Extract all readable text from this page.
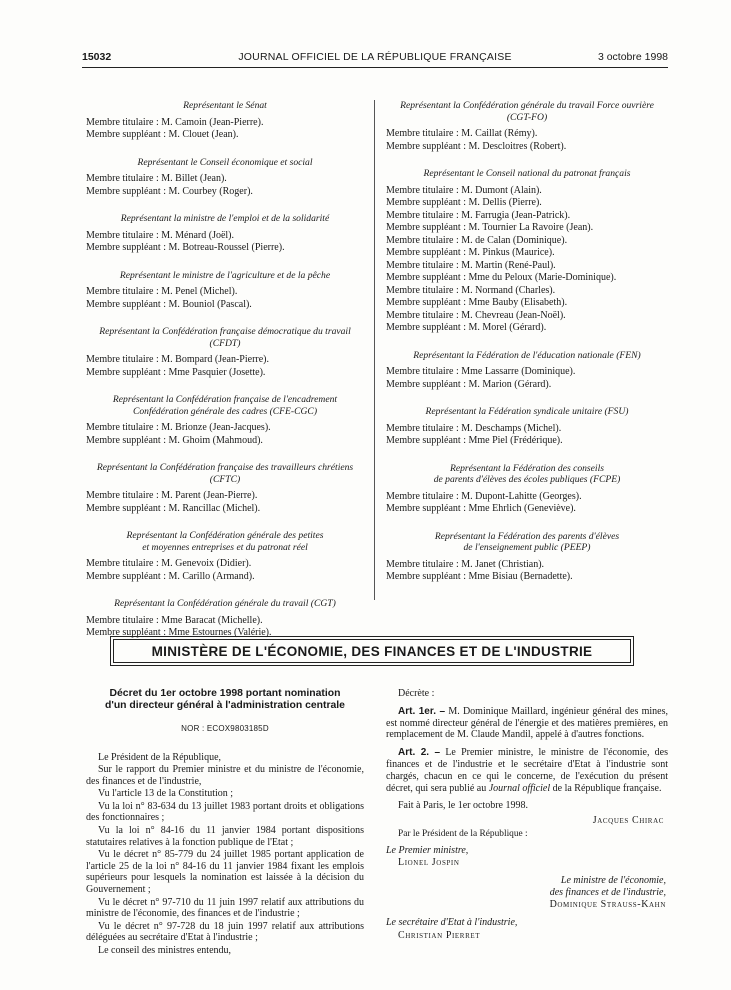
15032	JOURNAL OFFICIEL DE LA RÉPUBLIQUE FRANÇAISE	3 octobre 1998
Représentant le Sénat
Membre titulaire : M. Camoin (Jean-Pierre).
Membre suppléant : M. Clouet (Jean).
Représentant le Conseil économique et social
Membre titulaire : M. Billet (Jean).
Membre suppléant : M. Courbey (Roger).
Représentant la ministre de l'emploi et de la solidarité
Membre titulaire : M. Ménard (Joël).
Membre suppléant : M. Botreau-Roussel (Pierre).
Représentant le ministre de l'agriculture et de la pêche
Membre titulaire : M. Penel (Michel).
Membre suppléant : M. Bouniol (Pascal).
Représentant la Confédération française démocratique du travail
(CFDT)
Membre titulaire : M. Bompard (Jean-Pierre).
Membre suppléant : Mme Pasquier (Josette).
Représentant la Confédération française de l'encadrement
Confédération générale des cadres (CFE-CGC)
Membre titulaire : M. Brionze (Jean-Jacques).
Membre suppléant : M. Ghoim (Mahmoud).
Représentant la Confédération française des travailleurs chrétiens
(CFTC)
Membre titulaire : M. Parent (Jean-Pierre).
Membre suppléant : M. Rancillac (Michel).
Représentant la Confédération générale des petites
et moyennes entreprises et du patronat réel
Membre titulaire : M. Genevoix (Didier).
Membre suppléant : M. Carillo (Armand).
Représentant la Confédération générale du travail (CGT)
Membre titulaire : Mme Baracat (Michelle).
Membre suppléant : Mme Estournes (Valérie).
Représentant la Confédération générale du travail Force ouvrière
(CGT-FO)
Membre titulaire : M. Caillat (Rémy).
Membre suppléant : M. Descloitres (Robert).
Représentant le Conseil national du patronat français
Membre titulaire : M. Dumont (Alain).
Membre suppléant : M. Dellis (Pierre).
Membre titulaire : M. Farrugia (Jean-Patrick).
Membre suppléant : M. Tournier La Ravoire (Jean).
Membre titulaire : M. de Calan (Dominique).
Membre suppléant : M. Pinkus (Maurice).
Membre titulaire : M. Martin (René-Paul).
Membre suppléant : Mme du Peloux (Marie-Dominique).
Membre titulaire : M. Normand (Charles).
Membre suppléant : Mme Bauby (Elisabeth).
Membre titulaire : M. Chevreau (Jean-Noël).
Membre suppléant : M. Morel (Gérard).
Représentant la Fédération de l'éducation nationale (FEN)
Membre titulaire : Mme Lassarre (Dominique).
Membre suppléant : M. Marion (Gérard).
Représentant la Fédération syndicale unitaire (FSU)
Membre titulaire : M. Deschamps (Michel).
Membre suppléant : Mme Piel (Frédérique).
Représentant la Fédération des conseils
de parents d'élèves des écoles publiques (FCPE)
Membre titulaire : M. Dupont-Lahitte (Georges).
Membre suppléant : Mme Ehrlich (Geneviève).
Représentant la Fédération des parents d'élèves
de l'enseignement public (PEEP)
Membre titulaire : M. Janet (Christian).
Membre suppléant : Mme Bisiau (Bernadette).
MINISTÈRE DE L'ÉCONOMIE, DES FINANCES ET DE L'INDUSTRIE
Décret du 1er octobre 1998 portant nomination
d'un directeur général à l'administration centrale
NOR : ECOX9803185D

Le Président de la République,

Sur le rapport du Premier ministre et du ministre de l'économie, des finances et de l'industrie,

Vu l'article 13 de la Constitution ;

Vu la loi n° 83-634 du 13 juillet 1983 portant droits et obligations des fonctionnaires ;

Vu la loi n° 84-16 du 11 janvier 1984 portant dispositions statutaires relatives à la fonction publique de l'Etat ;

Vu le décret n° 85-779 du 24 juillet 1985 portant application de l'article 25 de la loi n° 84-16 du 11 janvier 1984 fixant les emplois supérieurs pour lesquels la nomination est laissée à la décision du Gouvernement ;

Vu le décret n° 97-710 du 11 juin 1997 relatif aux attributions du ministre de l'économie, des finances et de l'industrie ;

Vu le décret n° 97-728 du 18 juin 1997 relatif aux attributions déléguées au secrétaire d'Etat à l'industrie ;

Le conseil des ministres entendu,

Décrète :

Art. 1er. – M. Dominique Maillard, ingénieur général des mines, est nommé directeur général de l'énergie et des matières premières, en remplacement de M. Claude Mandil, appelé à d'autres fonctions.

Art. 2. – Le Premier ministre, le ministre de l'économie, des finances et de l'industrie et le secrétaire d'Etat à l'industrie sont chargés, chacun en ce qui le concerne, de l'exécution du présent décret, qui sera publié au Journal officiel de la République française.

Fait à Paris, le 1er octobre 1998.

Jacques Chirac

Par le Président de la République :

Le Premier ministre,

Lionel Jospin

Le ministre de l'économie,

des finances et de l'industrie,

Dominique Strauss-Kahn

Le secrétaire d'Etat à l'industrie,

Christian Pierret
